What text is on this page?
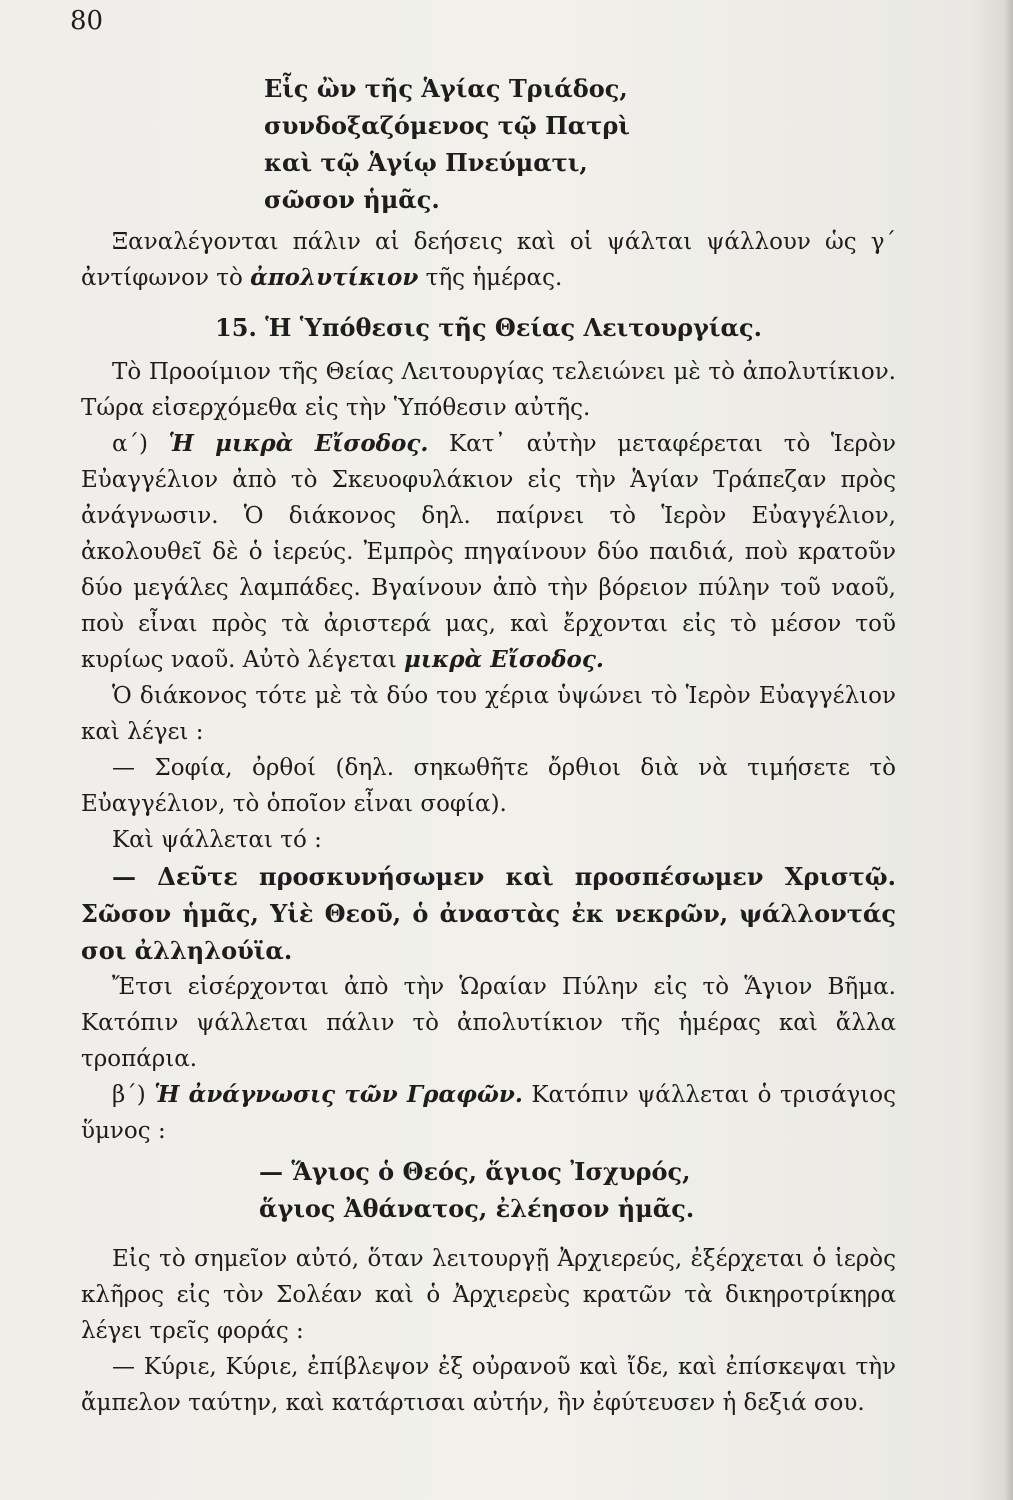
80
Εἷς ὢν τῆς Ἁγίας Τριάδος,
συνδοξαζόμενος τῷ Πατρὶ
καὶ τῷ Ἁγίῳ Πνεύματι,
σῶσον ἡμᾶς.

Ξαναλέγονται πάλιν αἱ δεήσεις καὶ οἱ ψάλται ψάλλουν ὡς γ΄ ἀντίφωνον τὸ ἀπολυτίκιον τῆς ἡμέρας.

15. Ἡ Ὑπόθεσις τῆς Θείας Λειτουργίας.

Τὸ Προοίμιον τῆς Θείας Λειτουργίας τελειώνει μὲ τὸ ἀπολυτίκιον. Τώρα εἰσερχόμεθα εἰς τὴν Ὑπόθεσιν αὐτῆς.

α΄) Ἡ μικρὰ Εἴσοδος. Κατ᾽ αὐτὴν μεταφέρεται τὸ Ἱερὸν Εὐαγγέλιον ἀπὸ τὸ Σκευοφυλάκιον εἰς τὴν Ἁγίαν Τράπεζαν πρὸς ἀνάγνωσιν. Ὁ διάκονος δηλ. παίρνει τὸ Ἱερὸν Εὐαγγέλιον, ἀκολουθεῖ δὲ ὁ ἱερεύς. Ἐμπρὸς πηγαίνουν δύο παιδιά, ποὺ κρατοῦν δύο μεγάλες λαμπάδες. Βγαίνουν ἀπὸ τὴν βόρειον πύλην τοῦ ναοῦ, ποὺ εἶναι πρὸς τὰ ἀριστερά μας, καὶ ἔρχονται εἰς τὸ μέσον τοῦ κυρίως ναοῦ. Αὐτὸ λέγεται μικρὰ Εἴσοδος.

Ὁ διάκονος τότε μὲ τὰ δύο του χέρια ὑψώνει τὸ Ἱερὸν Εὐαγγέλιον καὶ λέγει :

— Σοφία, ὀρθοί (δηλ. σηκωθῆτε ὄρθιοι διὰ νὰ τιμήσετε τὸ Εὐαγγέλιον, τὸ ὁποῖον εἶναι σοφία).

Καὶ ψάλλεται τό :

— Δεῦτε προσκυνήσωμεν καὶ προσπέσωμεν Χριστῷ. Σῶσον ἡμᾶς, Υἱὲ Θεοῦ, ὁ ἀναστὰς ἐκ νεκρῶν, ψάλλοντάς σοι ἀλληλούϊα.

Ἔτσι εἰσέρχονται ἀπὸ τὴν Ὡραίαν Πύλην εἰς τὸ Ἅγιον Βῆμα. Κατόπιν ψάλλεται πάλιν τὸ ἀπολυτίκιον τῆς ἡμέρας καὶ ἄλλα τροπάρια.

β΄) Ἡ ἀνάγνωσις τῶν Γραφῶν. Κατόπιν ψάλλεται ὁ τρισάγιος ὕμνος :

— Ἅγιος ὁ Θεός, ἅγιος Ἰσχυρός,
ἅγιος Ἀθάνατος, ἐλέησον ἡμᾶς.

Εἰς τὸ σημεῖον αὐτό, ὅταν λειτουργῇ Ἀρχιερεύς, ἐξέρχεται ὁ ἱερὸς κλῆρος εἰς τὸν Σολέαν καὶ ὁ Ἀρχιερεὺς κρατῶν τὰ δικηροτρίκηρα λέγει τρεῖς φοράς :

— Κύριε, Κύριε, ἐπίβλεψον ἐξ οὐρανοῦ καὶ ἴδε, καὶ ἐπίσκεψαι τὴν ἄμπελον ταύτην, καὶ κατάρτισαι αὐτήν, ἣν ἐφύτευσεν ἡ δεξιά σου.
